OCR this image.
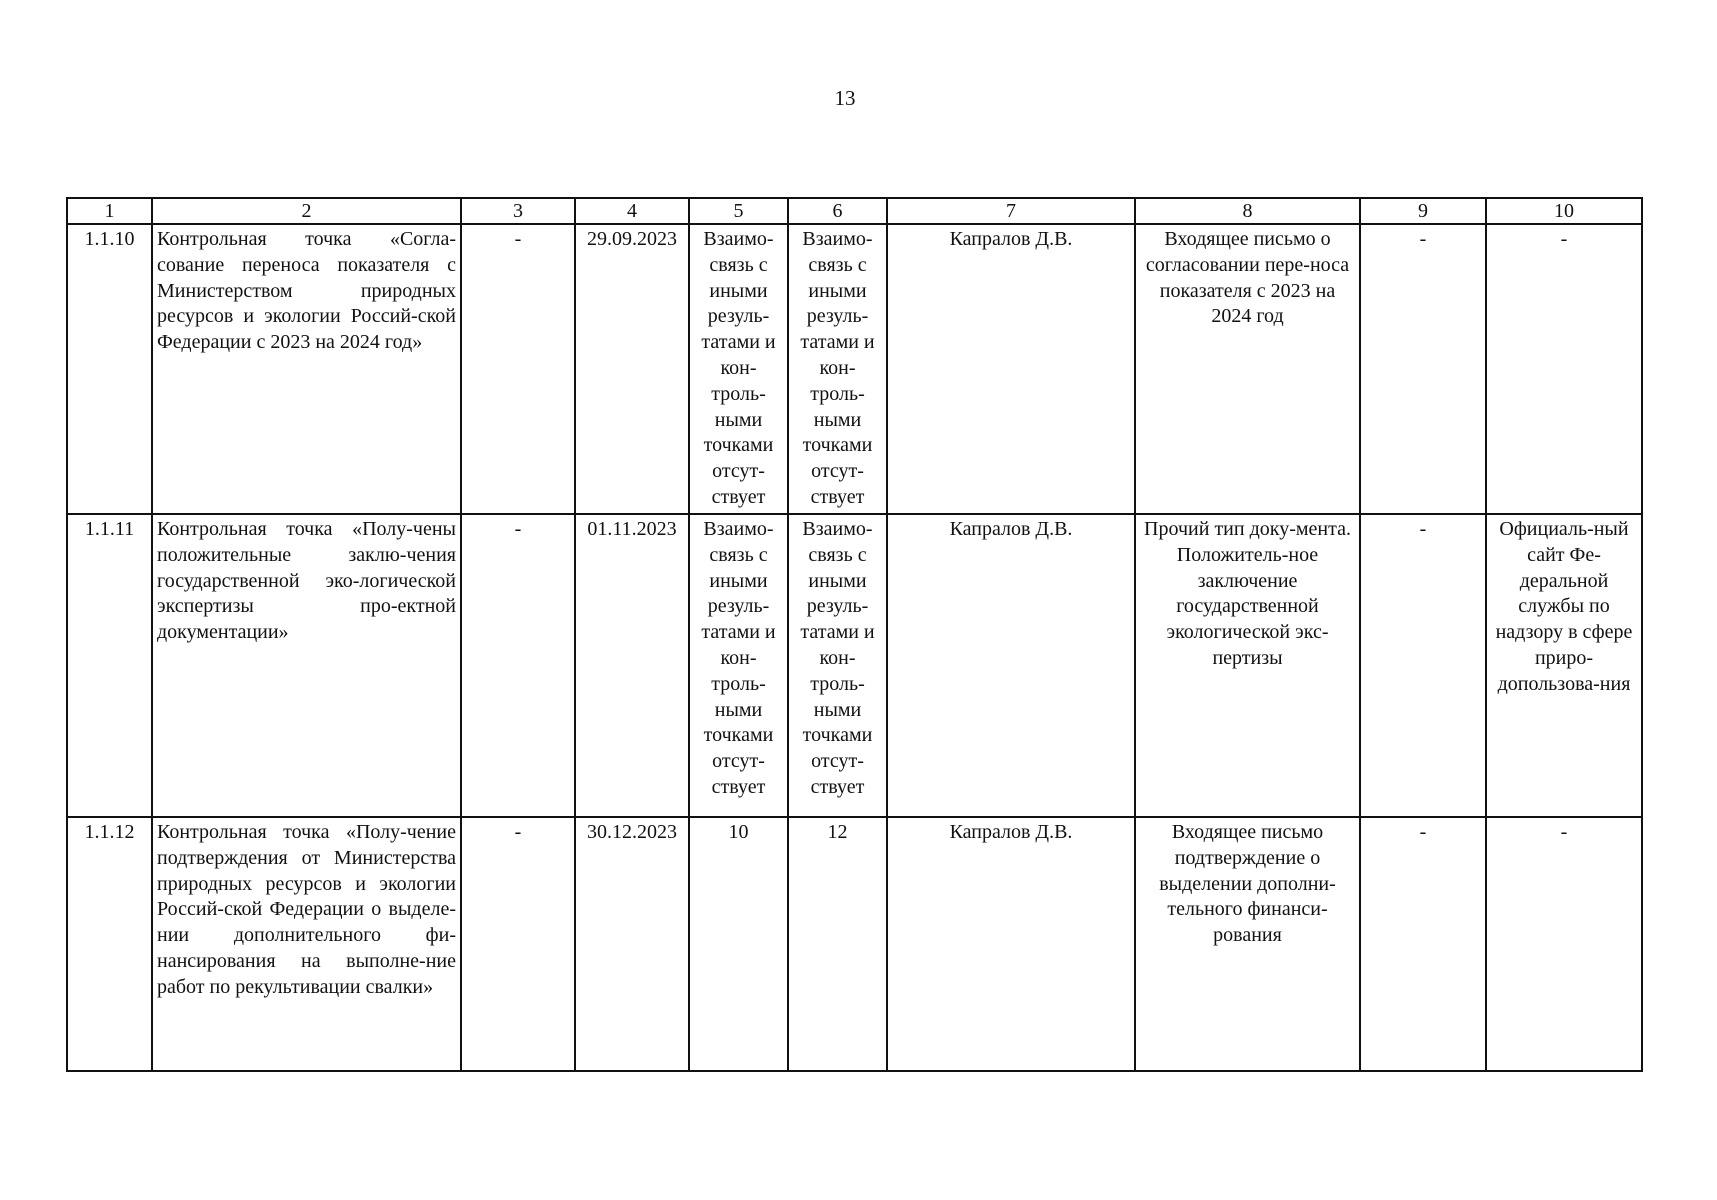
13
1	2	3	4	5	6	7	8	9	10
1.1.10	Контрольная точка «Согла-сование переноса показателя с Министерством природных ресурсов и экологии Россий-ской Федерации с 2023 на 2024 год»	-	29.09.2023	Взаимо-связь с иными резуль-татами и кон-троль-ными точками отсут-ствует	Взаимо-связь с иными резуль-татами и кон-троль-ными точками отсут-ствует	Капралов Д.В.	Входящее письмо о согласовании пере-носа показателя с 2023 на 2024 год	-	-
1.1.11	Контрольная точка «Полу-чены положительные заклю-чения государственной эко-логической экспертизы про-ектной документации»	-	01.11.2023	Взаимо-связь с иными резуль-татами и кон-троль-ными точками отсут-ствует	Взаимо-связь с иными резуль-татами и кон-троль-ными точками отсут-ствует	Капралов Д.В.	Прочий тип доку-мента. Положитель-ное заключение государственной экологической экс-пертизы	-	Официаль-ный сайт Фе-деральной службы по надзору в сфере приро-допользова-ния
1.1.12	Контрольная точка «Полу-чение подтверждения от Министерства природных ресурсов и экологии Россий-ской Федерации о выделе-нии дополнительного фи-нансирования на выполне-ние работ по рекультивации свалки»	-	30.12.2023	10	12	Капралов Д.В.	Входящее письмо подтверждение о выделении дополни-тельного финанси-рования	-	-
